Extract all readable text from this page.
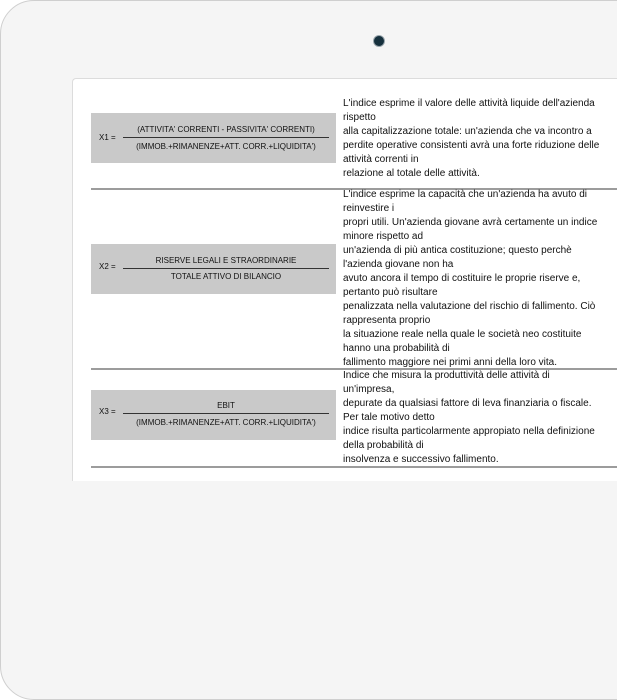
X1 =
(ATTIVITA' CORRENTI - PASSIVITA' CORRENTI)
(IMMOB.+RIMANENZE+ATT. CORR.+LIQUIDITA')
L'indice esprime il valore delle attività liquide dell'azienda
rispetto
alla capitalizzazione totale: un'azienda che va incontro a
perdite operative consistenti avrà una forte riduzione delle
attività correnti in
relazione al totale delle attività.
X2 =
RISERVE LEGALI E STRAORDINARIE
TOTALE ATTIVO DI BILANCIO
L'indice esprime la capacità che un'azienda ha avuto di
reinvestire i
propri utili. Un'azienda giovane avrà certamente un indice
minore rispetto ad
un'azienda di più antica costituzione; questo perchè
l'azienda giovane non ha
avuto ancora il tempo di costituire le proprie riserve e,
pertanto può risultare
penalizzata nella valutazione del rischio di fallimento. Ciò
rappresenta proprio
la situazione reale nella quale le società neo costituite
hanno una probabilità di
fallimento maggiore nei primi anni della loro vita.
X3 =
EBIT
(IMMOB.+RIMANENZE+ATT. CORR.+LIQUIDITA')
Indice che misura la produttività delle attività di
un'impresa,
depurate da qualsiasi fattore di leva finanziaria o fiscale.
Per tale motivo detto
indice risulta particolarmente appropiato nella definizione
della probabilità di
insolvenza e successivo fallimento.
